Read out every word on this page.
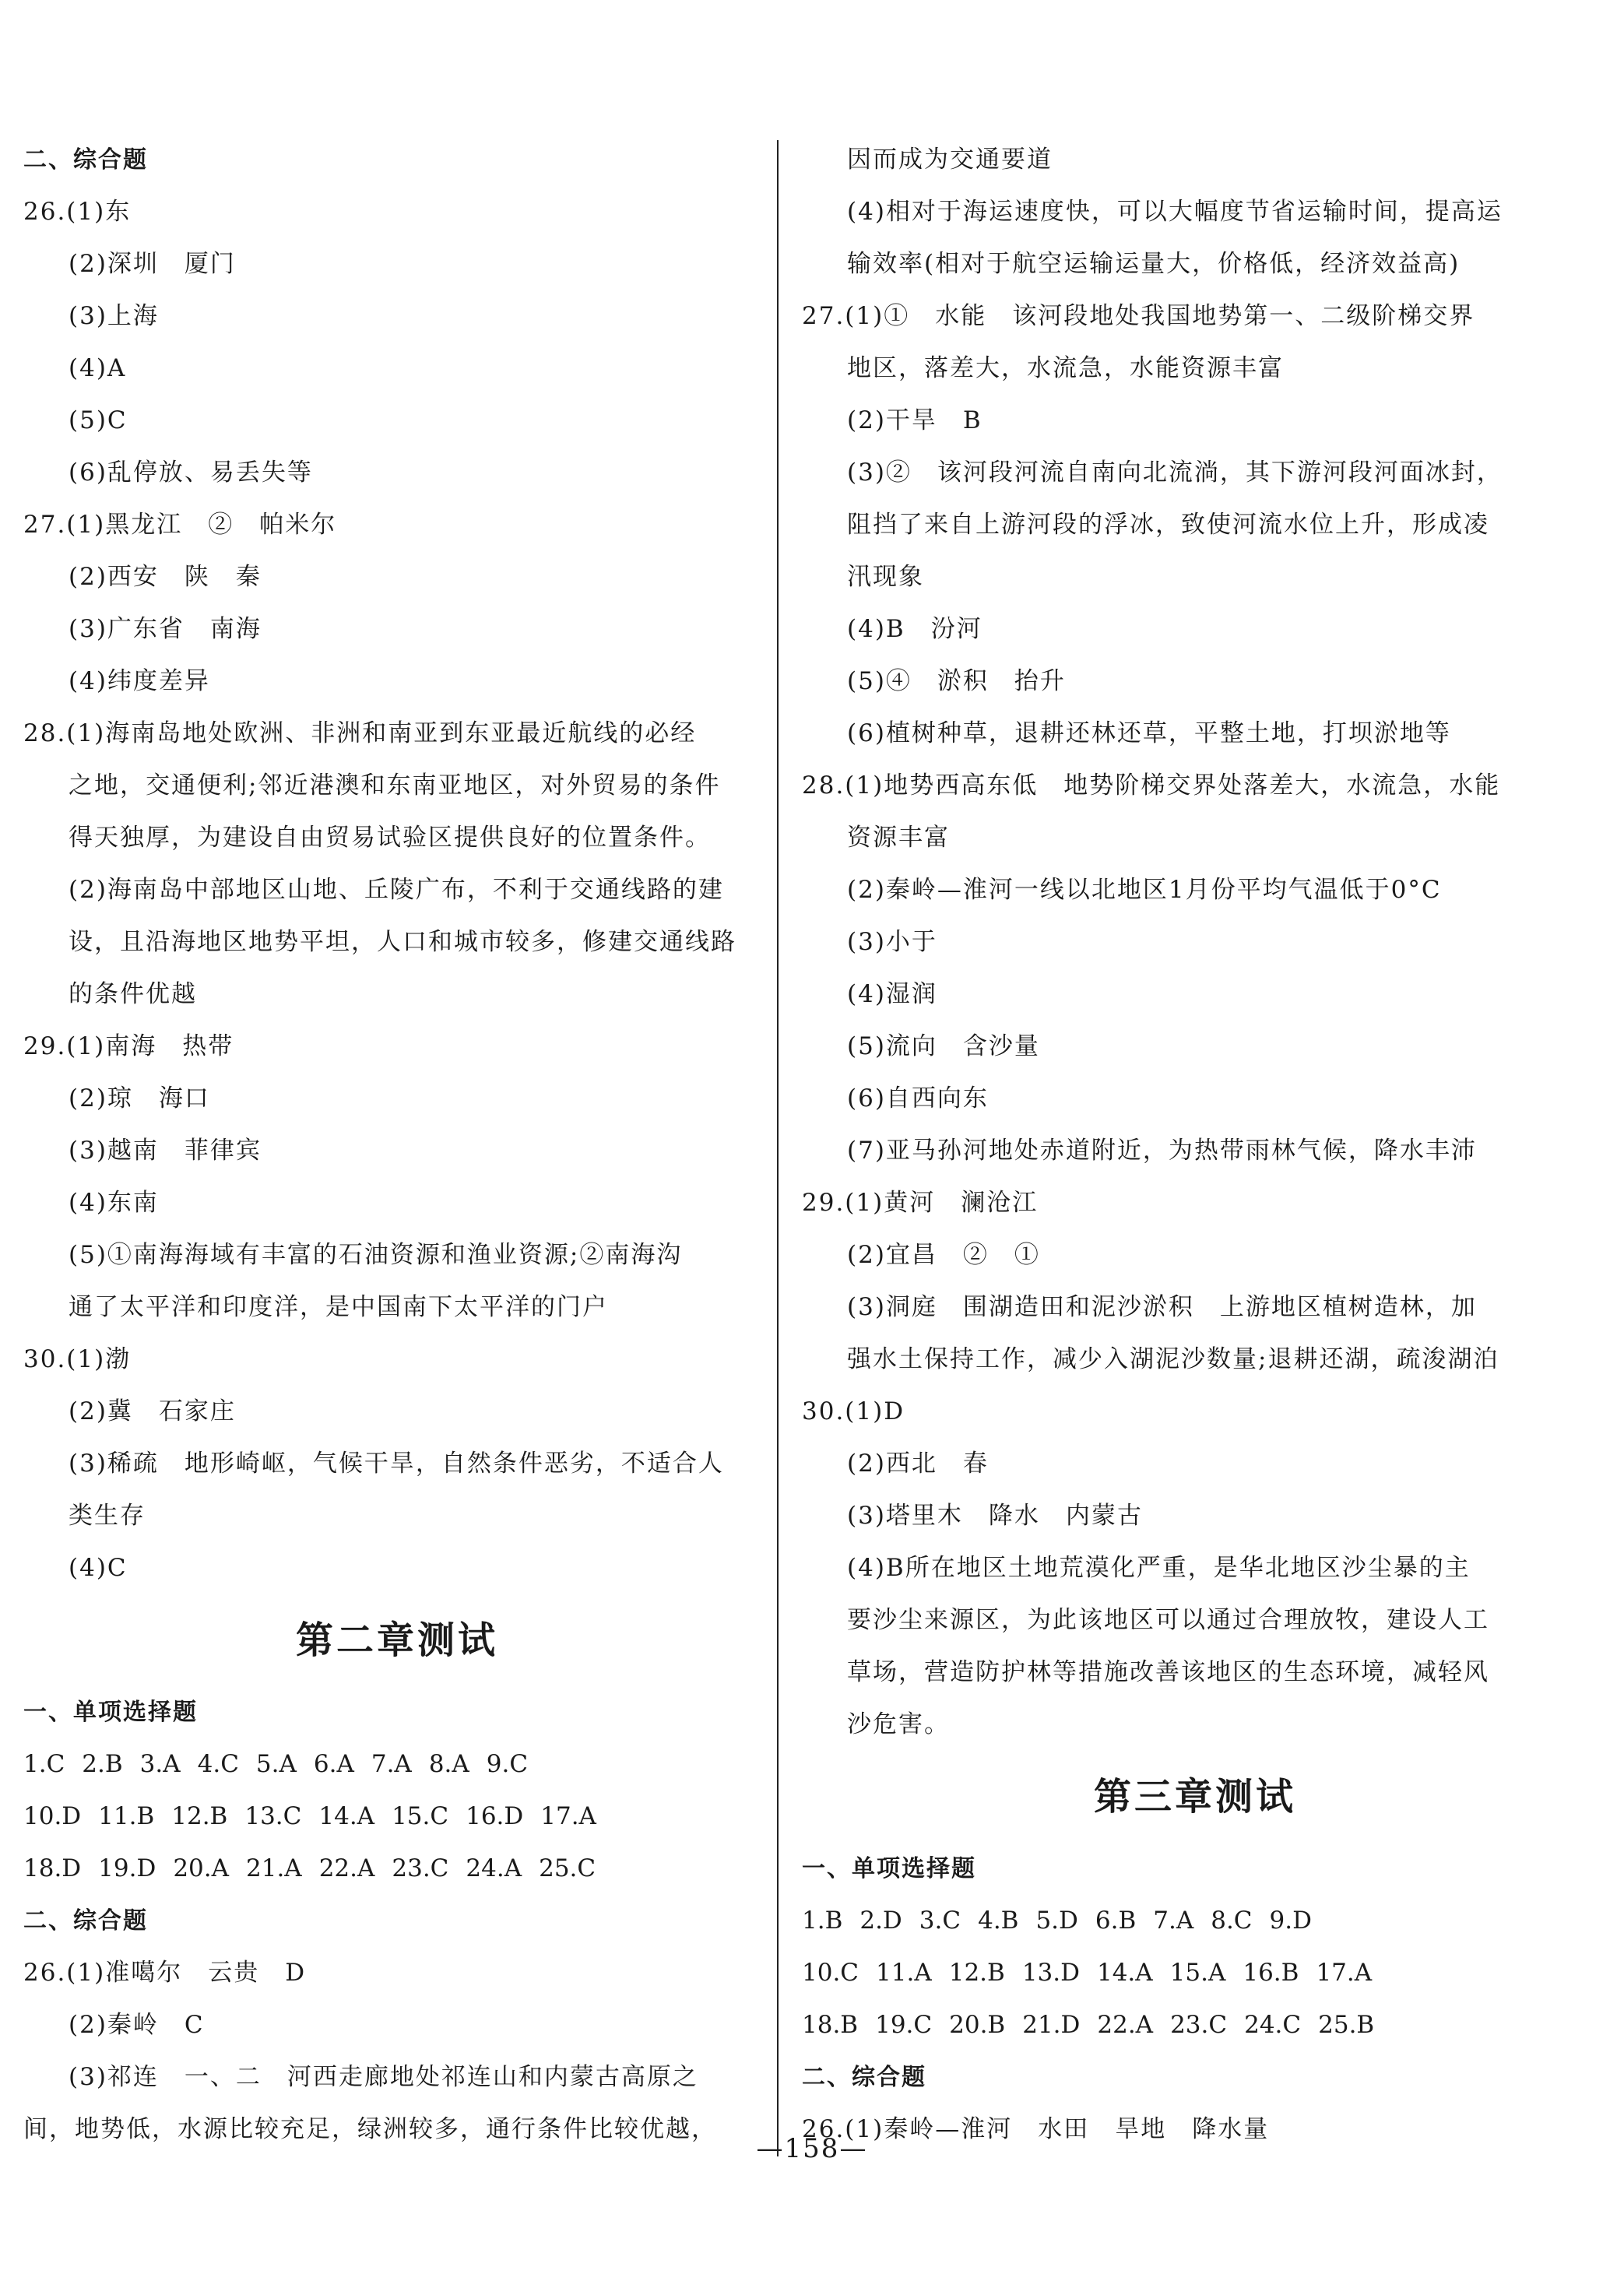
二、综合题
26.(1)东
(2)深圳　厦门
(3)上海
(4)A
(5)C
(6)乱停放、易丢失等
27.(1)黑龙江　②　帕米尔
(2)西安　陕　秦
(3)广东省　南海
(4)纬度差异
28.(1)海南岛地处欧洲、非洲和南亚到东亚最近航线的必经
之地，交通便利;邻近港澳和东南亚地区，对外贸易的条件
得天独厚，为建设自由贸易试验区提供良好的位置条件。
(2)海南岛中部地区山地、丘陵广布，不利于交通线路的建
设，且沿海地区地势平坦，人口和城市较多，修建交通线路
的条件优越
29.(1)南海　热带
(2)琼　海口
(3)越南　菲律宾
(4)东南
(5)①南海海域有丰富的石油资源和渔业资源;②南海沟
通了太平洋和印度洋，是中国南下太平洋的门户
30.(1)渤
(2)冀　石家庄
(3)稀疏　地形崎岖，气候干旱，自然条件恶劣，不适合人
类生存
(4)C
第二章测试
一、单项选择题
1.C 2.B 3.A 4.C 5.A 6.A 7.A 8.A 9.C
10.D 11.B 12.B 13.C 14.A 15.C 16.D 17.A
18.D 19.D 20.A 21.A 22.A 23.C 24.A 25.C
二、综合题
26.(1)准噶尔　云贵　D
(2)秦岭　C
(3)祁连　一、二　河西走廊地处祁连山和内蒙古高原之
间，地势低，水源比较充足，绿洲较多，通行条件比较优越，
因而成为交通要道
(4)相对于海运速度快，可以大幅度节省运输时间，提高运
输效率(相对于航空运输运量大，价格低，经济效益高)
27.(1)①　水能　该河段地处我国地势第一、二级阶梯交界
地区，落差大，水流急，水能资源丰富
(2)干旱　B
(3)②　该河段河流自南向北流淌，其下游河段河面冰封，
阻挡了来自上游河段的浮冰，致使河流水位上升，形成凌
汛现象
(4)B　汾河
(5)④　淤积　抬升
(6)植树种草，退耕还林还草，平整土地，打坝淤地等
28.(1)地势西高东低　地势阶梯交界处落差大，水流急，水能
资源丰富
(2)秦岭—淮河一线以北地区1月份平均气温低于0°C
(3)小于
(4)湿润
(5)流向　含沙量
(6)自西向东
(7)亚马孙河地处赤道附近，为热带雨林气候，降水丰沛
29.(1)黄河　澜沧江
(2)宜昌　②　①
(3)洞庭　围湖造田和泥沙淤积　上游地区植树造林，加
强水土保持工作，减少入湖泥沙数量;退耕还湖，疏浚湖泊
30.(1)D
(2)西北　春
(3)塔里木　降水　内蒙古
(4)B所在地区土地荒漠化严重，是华北地区沙尘暴的主
要沙尘来源区，为此该地区可以通过合理放牧，建设人工
草场，营造防护林等措施改善该地区的生态环境，减轻风
沙危害。
第三章测试
一、单项选择题
1.B 2.D 3.C 4.B 5.D 6.B 7.A 8.C 9.D
10.C 11.A 12.B 13.D 14.A 15.A 16.B 17.A
18.B 19.C 20.B 21.D 22.A 23.C 24.C 25.B
二、综合题
26.(1)秦岭—淮河　水田　旱地　降水量
—158—
